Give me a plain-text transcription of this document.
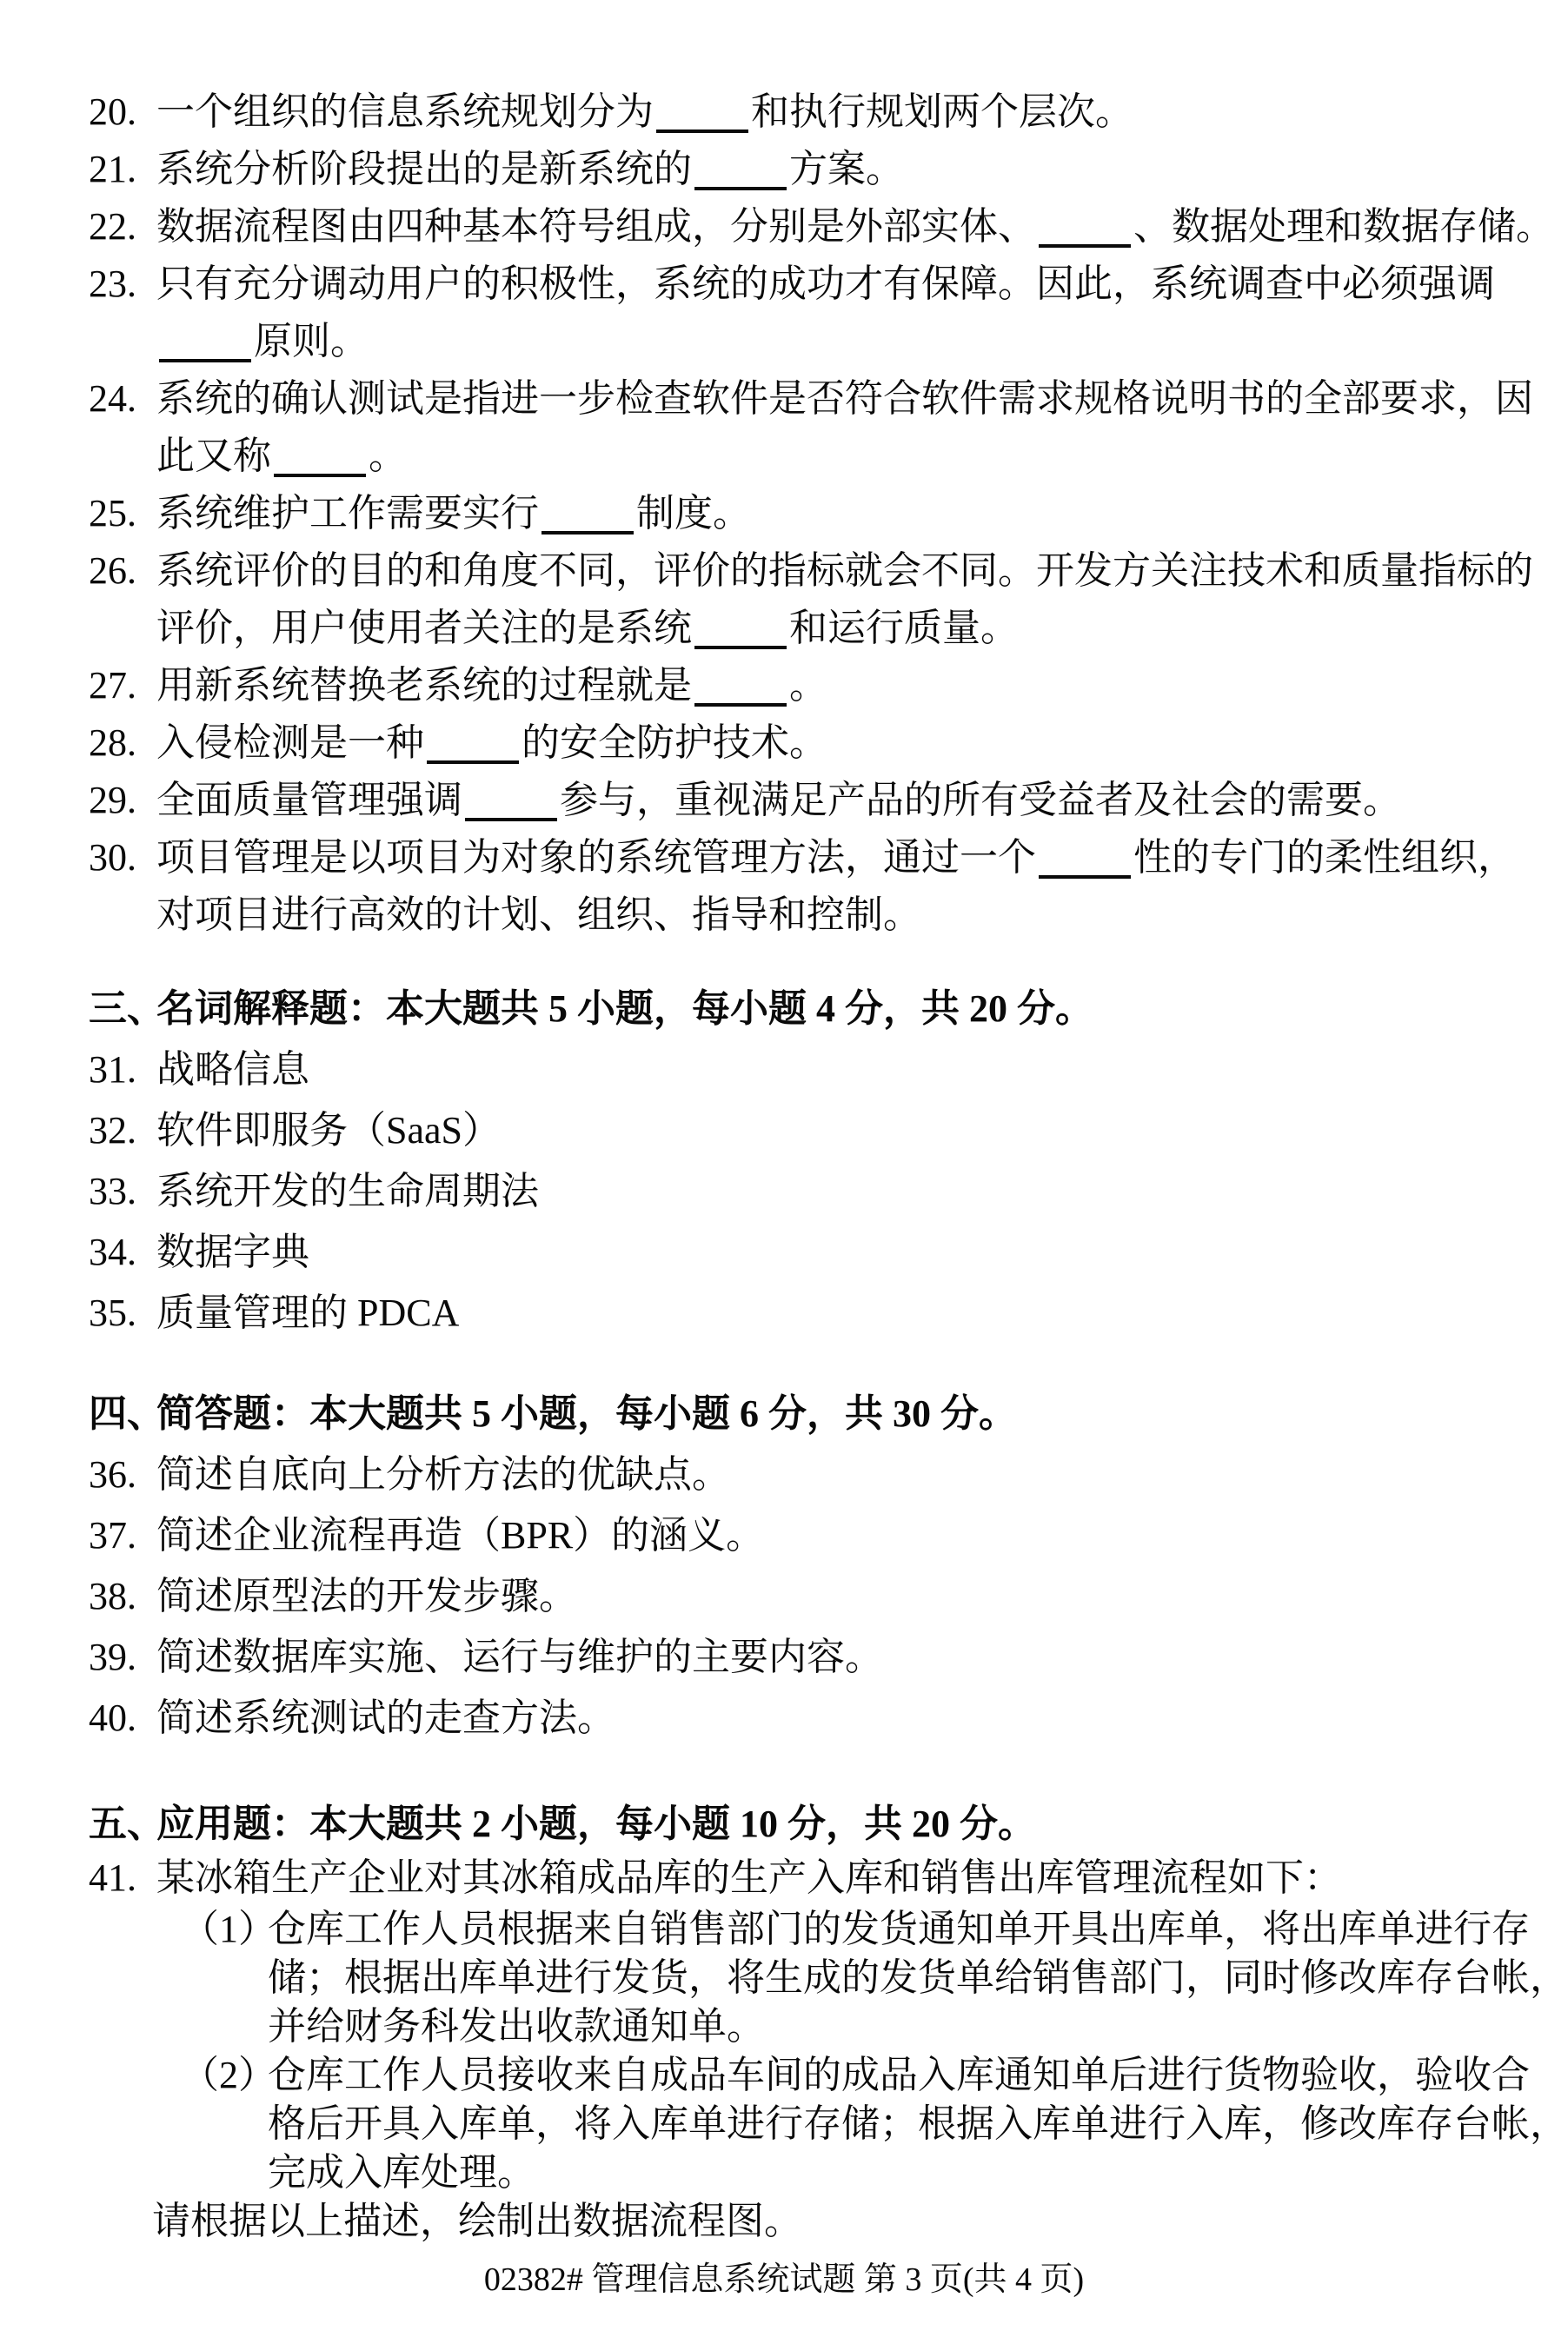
20. 一个组织的信息系统规划分为	和执行规划两个层次。
21. 系统分析阶段提出的是新系统的	方案。
22. 数据流程图由四种基本符号组成，分别是外部实体、	、数据处理和数据存储。
23. 只有充分调动用户的积极性，系统的成功才有保障。因此，系统调查中必须强调
原则。
24. 系统的确认测试是指进一步检查软件是否符合软件需求规格说明书的全部要求，因
此又称	。
25. 系统维护工作需要实行	制度。
26. 系统评价的目的和角度不同，评价的指标就会不同。开发方关注技术和质量指标的
评价，用户使用者关注的是系统	和运行质量。
27. 用新系统替换老系统的过程就是	。
28. 入侵检测是一种	的安全防护技术。
29. 全面质量管理强调	参与，重视满足产品的所有受益者及社会的需要。
30. 项目管理是以项目为对象的系统管理方法，通过一个	性的专门的柔性组织，
对项目进行高效的计划、组织、指导和控制。
三、名词解释题：本大题共 5 小题，每小题 4 分，共 20 分。
31. 战略信息
32. 软件即服务（SaaS）
33. 系统开发的生命周期法
34. 数据字典
35. 质量管理的 PDCA
四、简答题：本大题共 5 小题，每小题 6 分，共 30 分。
36. 简述自底向上分析方法的优缺点。
37. 简述企业流程再造（BPR）的涵义。
38. 简述原型法的开发步骤。
39. 简述数据库实施、运行与维护的主要内容。
40. 简述系统测试的走查方法。
五、应用题：本大题共 2 小题，每小题 10 分，共 20 分。
41. 某冰箱生产企业对其冰箱成品库的生产入库和销售出库管理流程如下：
（1）仓库工作人员根据来自销售部门的发货通知单开具出库单，将出库单进行存
储；根据出库单进行发货，将生成的发货单给销售部门，同时修改库存台帐，
并给财务科发出收款通知单。
（2）仓库工作人员接收来自成品车间的成品入库通知单后进行货物验收，验收合
格后开具入库单，将入库单进行存储；根据入库单进行入库，修改库存台帐，
完成入库处理。
请根据以上描述，绘制出数据流程图。
02382# 管理信息系统试题 第 3 页(共 4 页)
